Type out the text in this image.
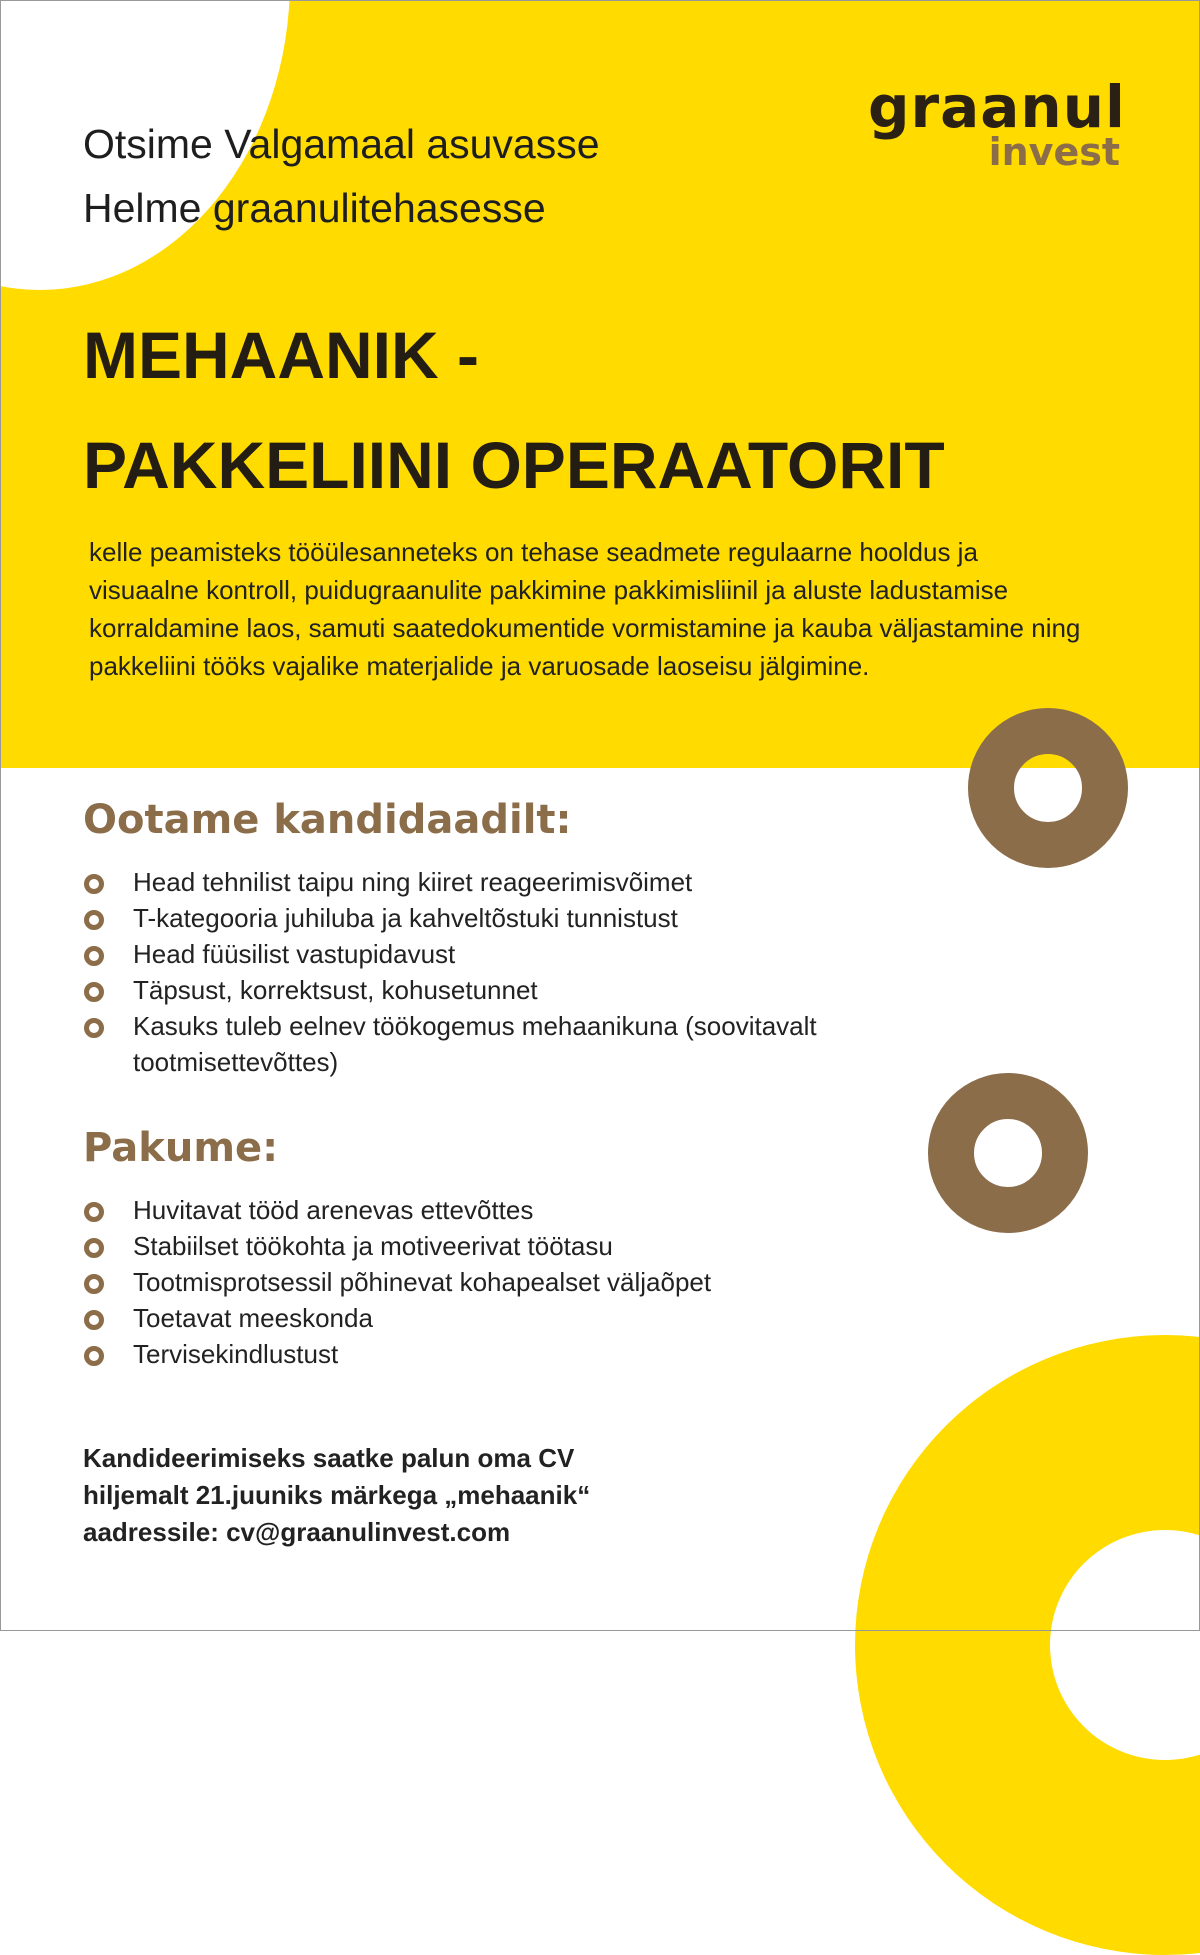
graanul
invest
Otsime Valgamaal asuvasse
Helme graanulitehasesse
MEHAANIK -
PAKKELIINI OPERAATORIT
kelle peamisteks tööülesanneteks on tehase seadmete regulaarne hooldus ja visuaalne kontroll, puidugraanulite pakkimine pakkimisliinil ja aluste ladustamise korraldamine laos, samuti saatedokumentide vormistamine ja kauba väljastamine ning pakkeliini tööks vajalike materjalide ja varuosade laoseisu jälgimine.
Ootame kandidaadilt:
Head tehnilist taipu ning kiiret reageerimisvõimet
T-kategooria juhiluba ja kahveltõstuki tunnistust
Head füüsilist vastupidavust
Täpsust, korrektsust, kohusetunnet
Kasuks tuleb eelnev töökogemus mehaanikuna (soovitavalt tootmisettevõttes)
Pakume:
Huvitavat tööd arenevas ettevõttes
Stabiilset töökohta ja motiveerivat töötasu
Tootmisprotsessil põhinevat kohapealset väljaõpet
Toetavat meeskonda
Tervisekindlustust
Kandideerimiseks saatke palun oma CV
hiljemalt 21.juuniks märkega „mehaanik“
aadressile: cv@graanulinvest.com
